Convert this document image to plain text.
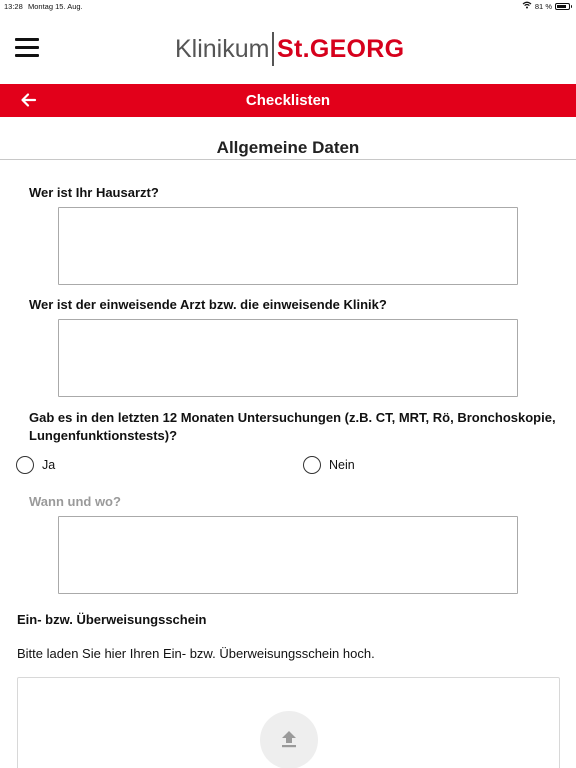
13:28 Montag 15. Aug.	81 %
Klinikum St.GEORG
Checklisten
Allgemeine Daten
Wer ist Ihr Hausarzt?
Wer ist der einweisende Arzt bzw. die einweisende Klinik?
Gab es in den letzten 12 Monaten Untersuchungen (z.B. CT, MRT, Rö, Bronchoskopie, Lungenfunktionstests)?
Ja	Nein
Wann und wo?
Ein- bzw. Überweisungsschein
Bitte laden Sie hier Ihren Ein- bzw. Überweisungsschein hoch.
